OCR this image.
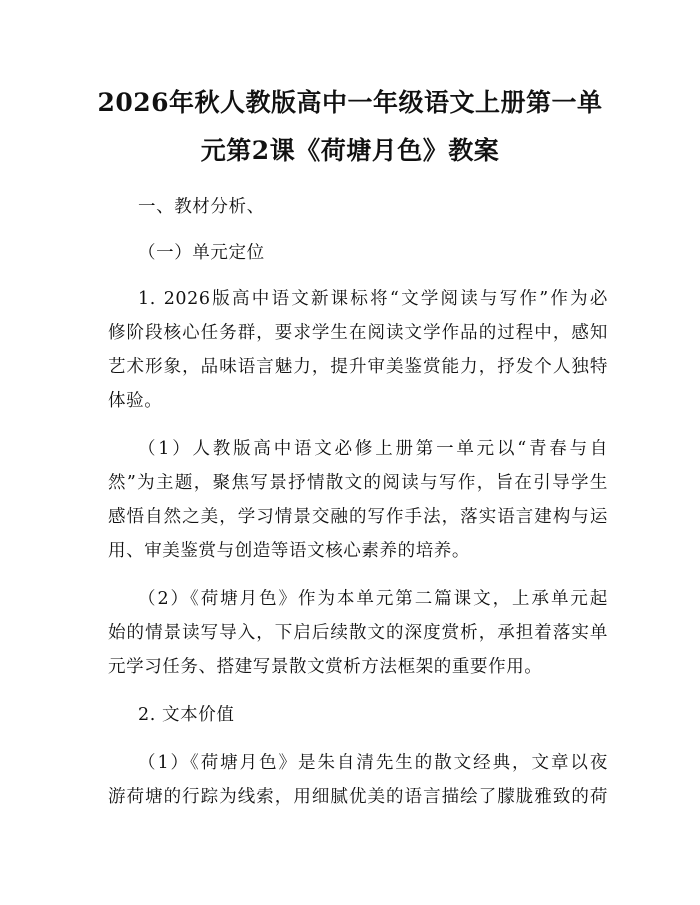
2026年秋人教版高中一年级语文上册第一单
元第2课《荷塘月色》教案
一、教材分析、
（一）单元定位
1. 2026版高中语文新课标将“文学阅读与写作”作为必
修阶段核心任务群，要求学生在阅读文学作品的过程中，感知
艺术形象，品味语言魅力，提升审美鉴赏能力，抒发个人独特
体验。
（1）人教版高中语文必修上册第一单元以“青春与自
然”为主题，聚焦写景抒情散文的阅读与写作，旨在引导学生
感悟自然之美，学习情景交融的写作手法，落实语言建构与运
用、审美鉴赏与创造等语文核心素养的培养。
（2）《荷塘月色》作为本单元第二篇课文，上承单元起
始的情景读写导入，下启后续散文的深度赏析，承担着落实单
元学习任务、搭建写景散文赏析方法框架的重要作用。
2. 文本价值
（1）《荷塘月色》是朱自清先生的散文经典，文章以夜
游荷塘的行踪为线索，用细腻优美的语言描绘了朦胧雅致的荷
